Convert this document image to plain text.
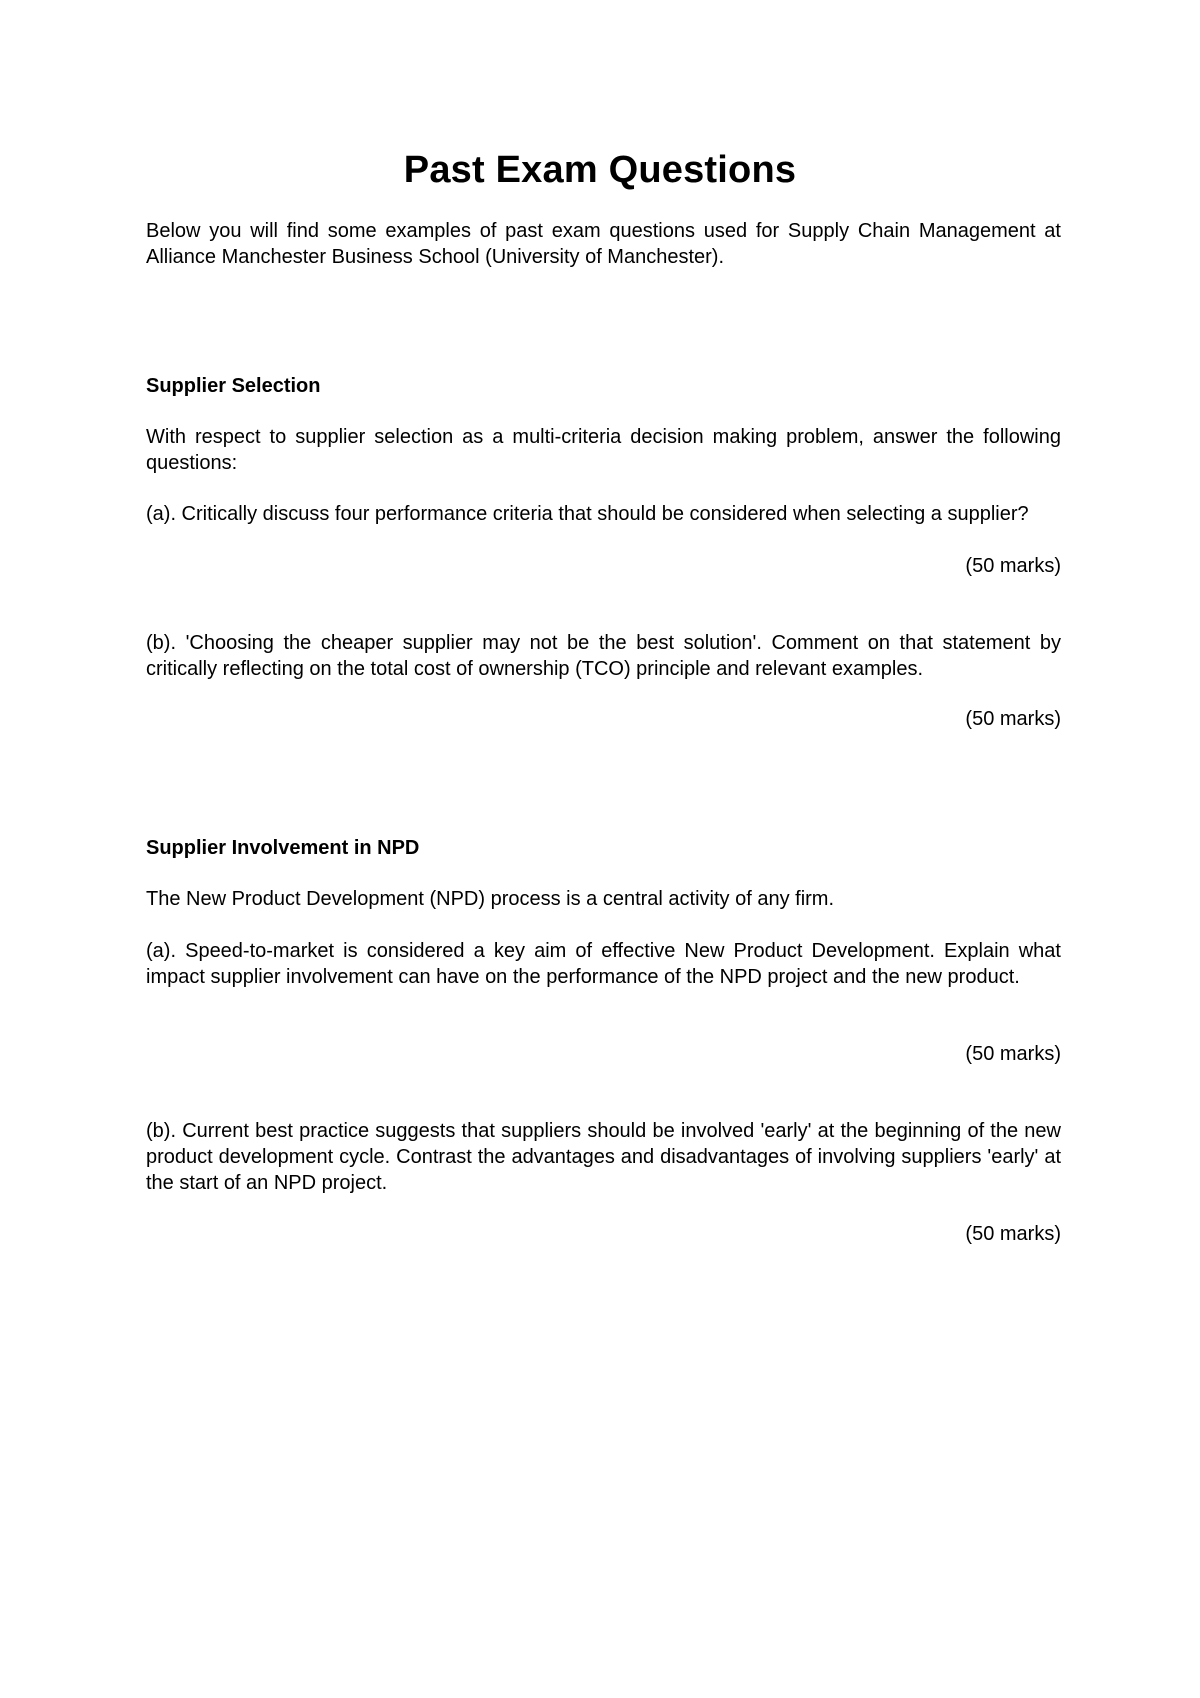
Past Exam Questions

Below you will find some examples of past exam questions used for Supply Chain Management at Alliance Manchester Business School (University of Manchester).

Supplier Selection

With respect to supplier selection as a multi-criteria decision making problem, answer the following questions:

(a). Critically discuss four performance criteria that should be considered when selecting a supplier?

(50 marks)

(b). 'Choosing the cheaper supplier may not be the best solution'. Comment on that statement by critically reflecting on the total cost of ownership (TCO) principle and relevant examples.

(50 marks)

Supplier Involvement in NPD

The New Product Development (NPD) process is a central activity of any firm.

(a). Speed-to-market is considered a key aim of effective New Product Development. Explain what impact supplier involvement can have on the performance of the NPD project and the new product.

(50 marks)

(b). Current best practice suggests that suppliers should be involved 'early' at the beginning of the new product development cycle. Contrast the advantages and disadvantages of involving suppliers 'early' at the start of an NPD project.

(50 marks)
